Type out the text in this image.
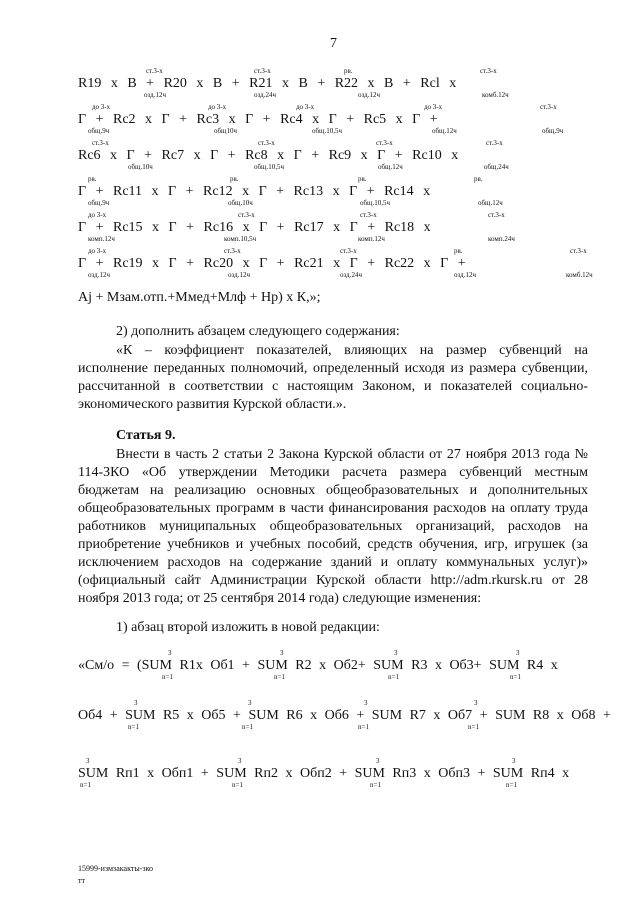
7
R19 х В + R20 х В + R21 х В + R22 х В + Rcl х
ст.3-х	ст.3-х	рв.	ст.3-х
озд.12ч	озд.24ч	озд.12ч	комб.12ч
Г + Rc2 х Г + Rc3 х Г + Rc4 х Г + Rc5 х Г +
до 3-х	до 3-х	до 3-х	до 3-х	ст.3-х
общ.9ч	общ10ч	общ.10,5ч	общ.12ч	общ.9ч
Rc6 х Г + Rc7 х Г + Rc8 х Г + Rc9 х Г + Rc10 х
ст.3-х	ст.3-х	ст.3-х	ст.3-х
общ.10ч	общ.10,5ч	общ.12ч	общ.24ч
Г + Rc11 х Г + Rc12 х Г + Rc13 х Г + Rc14 х
рв.	рв.	рв.	рв.
общ.9ч	общ.10ч	общ.10,5ч	общ.12ч
Г + Rc15 х Г + Rc16 х Г + Rc17 х Г + Rc18 х
до 3-х	ст.3-х	ст.3-х	ст.3-х
комп.12ч	комп.10,5ч	комп.12ч	комп.24ч
Г + Rc19 х Г + Rc20 х Г + Rc21 х Г + Rc22 х Г +
до 3-х	ст.3-х	ст.3-х	рв.	ст.3-х
озд.12ч	озд.12ч	озд.24ч	озд.12ч	комб.12ч
Аj + Мзам.отп.+Ммед+Млф + Нр) х К,»;
2) дополнить абзацем следующего содержания:
«К – коэффициент показателей, влияющих на размер субвенций на исполнение переданных полномочий, определенный исходя из размера субвенции, рассчитанной в соответствии с настоящим Законом, и показателей социально-экономического развития Курской области.».
Статья 9.
Внести в часть 2 статьи 2 Закона Курской области от 27 ноября 2013 года № 114-ЗКО «Об утверждении Методики расчета размера субвенций местным бюджетам на реализацию основных общеобразовательных и дополнительных общеобразовательных программ в части финансирования расходов на оплату труда работников муниципальных общеобразовательных организаций, расходов на приобретение учебников и учебных пособий, средств обучения, игр, игрушек (за исключением расходов на содержание зданий и оплату коммунальных услуг)» (официальный сайт Администрации Курской области http://adm.rkursk.ru от 28 ноября 2013 года; от 25 сентября 2014 года) следующие изменения:
1) абзац второй изложить в новой редакции:
«Cм/о = (SUM R1х Об1 + SUM R2 х Об2+ SUM R3 х Об3+ SUM R4 х
3	3	3	3
n=1	n=1	n=1	n=1
Об4 + SUM R5 х Об5 + SUM R6 х Об6 + SUM R7 х Об7 + SUM R8 х Об8 +
3	3	3	3
n=1	n=1	n=1	n=1
SUM Rп1 х Обп1 + SUM Rп2 х Обп2 + SUM Rп3 х Обп3 + SUM Rп4 х
3	3	3	3
n=1	n=1	n=1	n=1
15999-измзакакты-зко
тт
